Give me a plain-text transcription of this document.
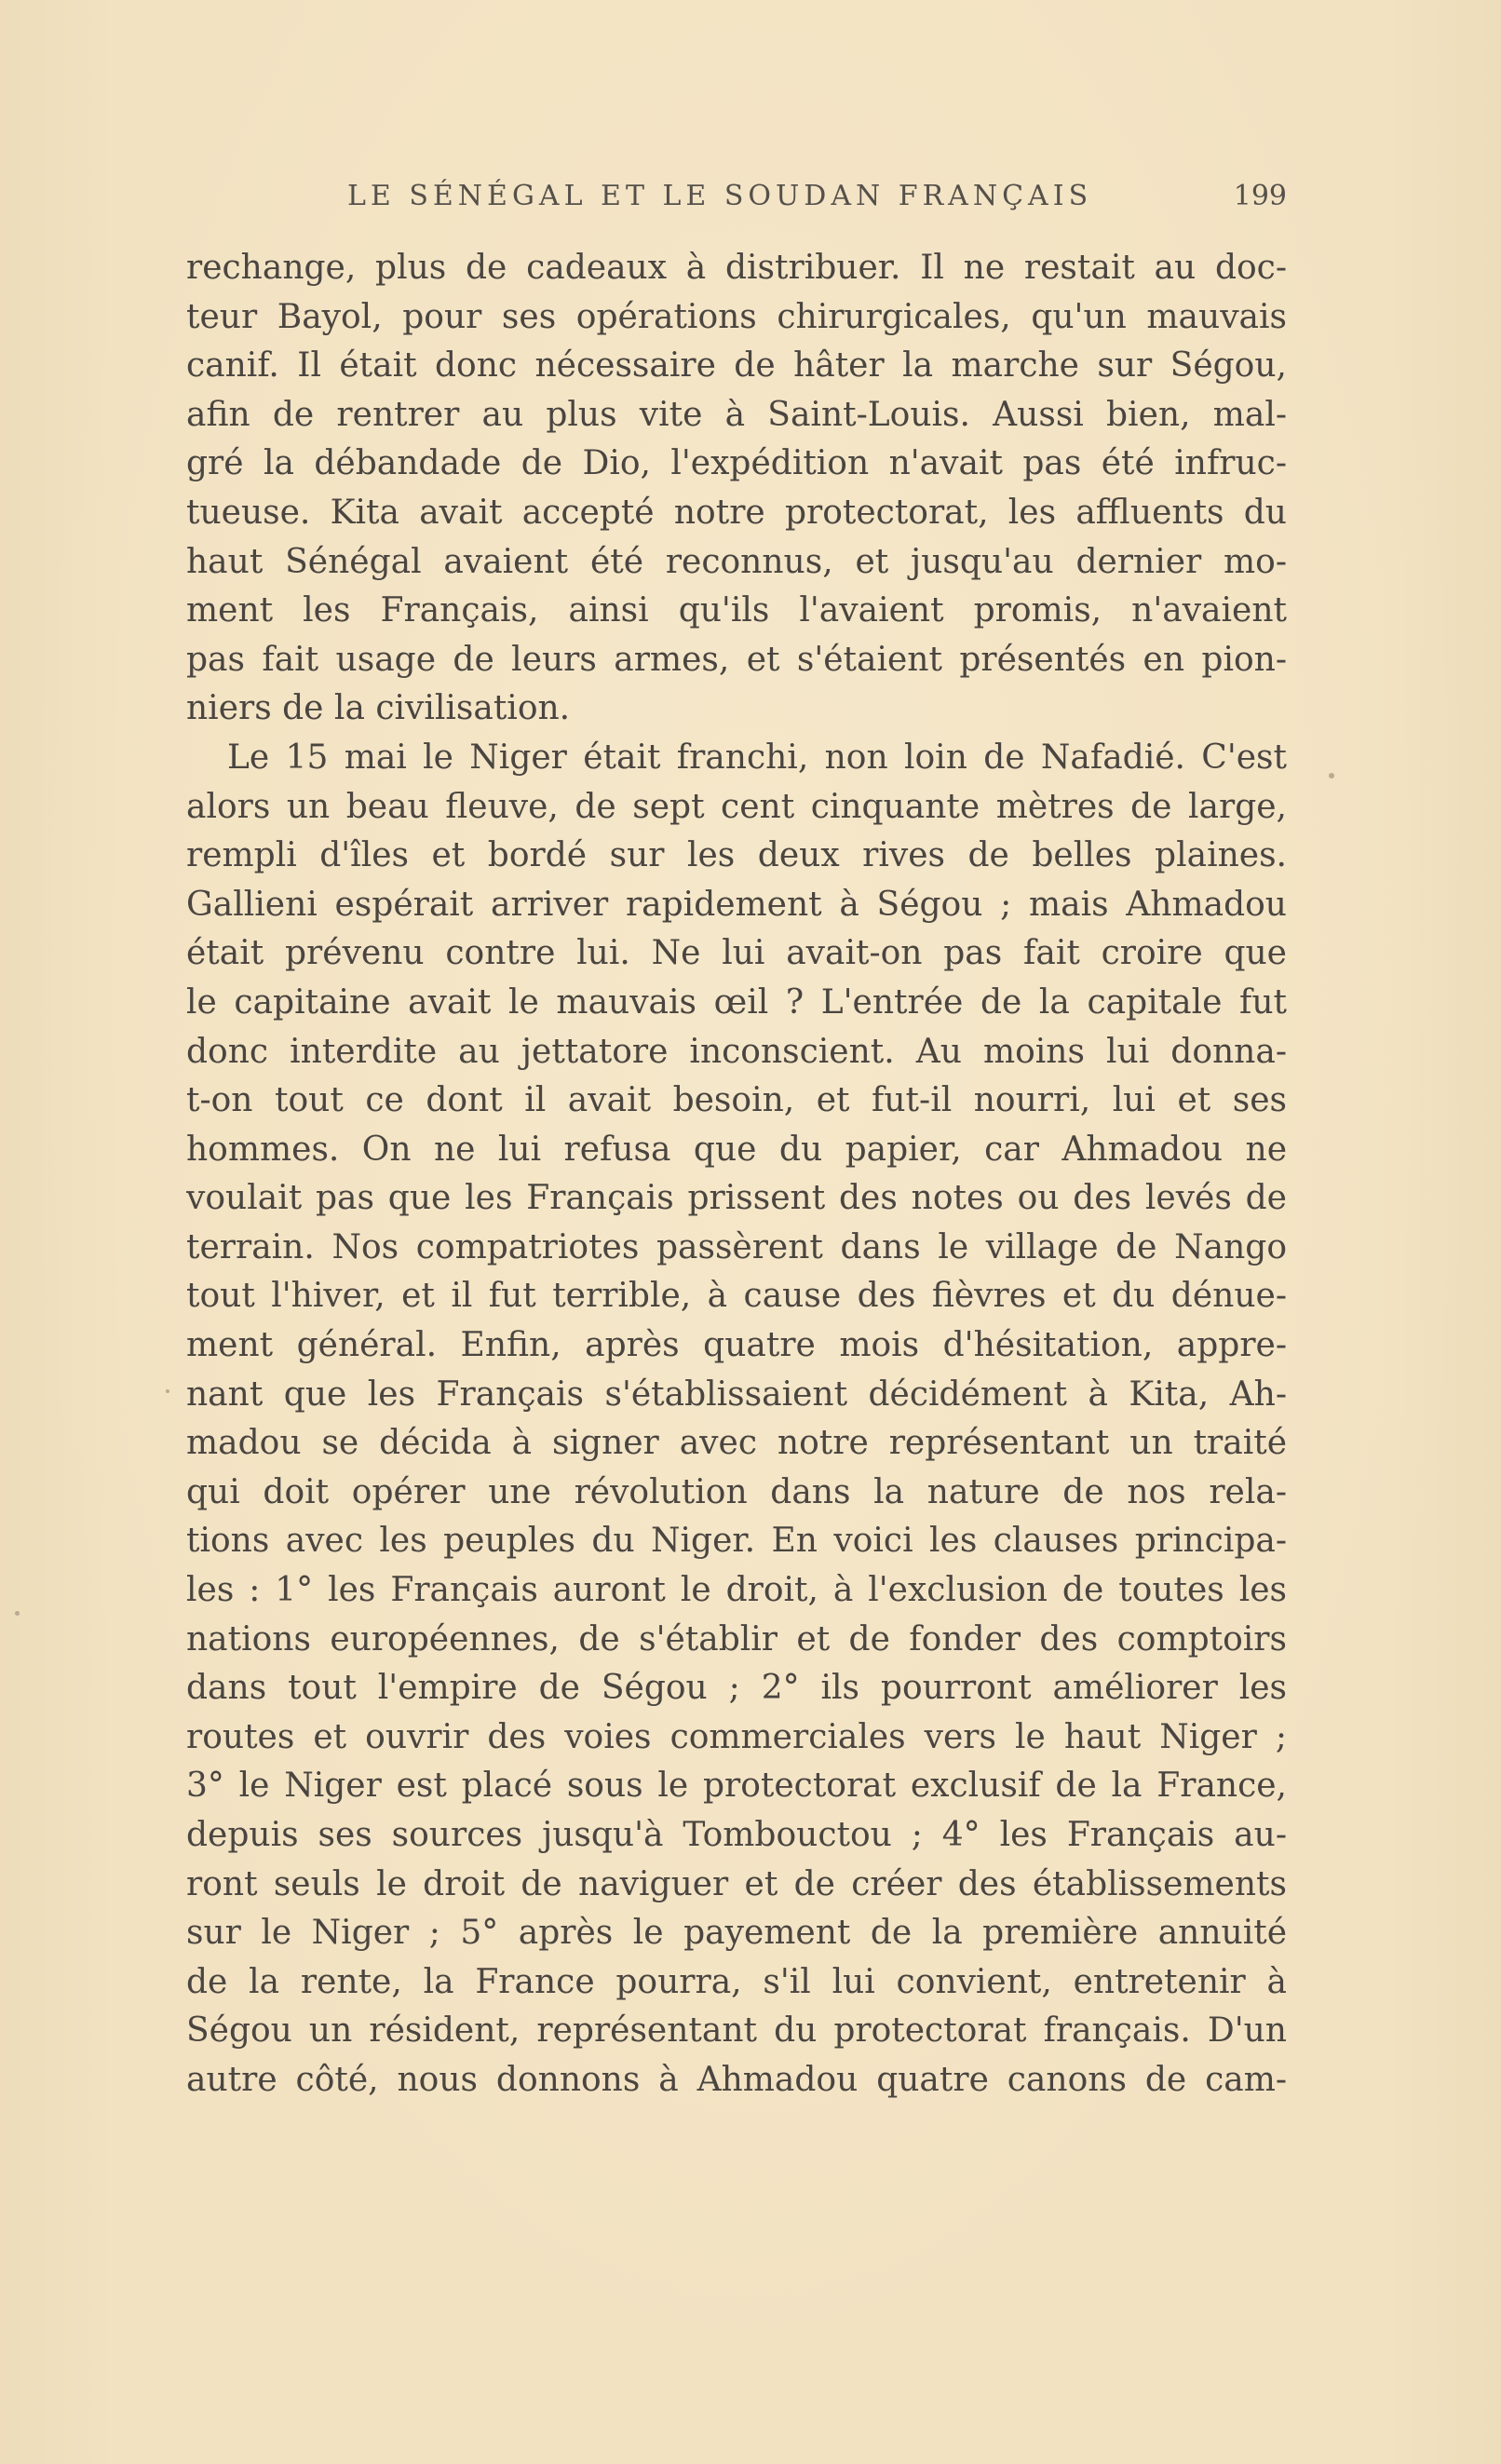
LE SÉNÉGAL ET LE SOUDAN FRANÇAIS	199
rechange, plus de cadeaux à distribuer. Il ne restait au doc-
teur Bayol, pour ses opérations chirurgicales, qu'un mauvais
canif. Il était donc nécessaire de hâter la marche sur Ségou,
afin de rentrer au plus vite à Saint-Louis. Aussi bien, mal-
gré la débandade de Dio, l'expédition n'avait pas été infruc-
tueuse. Kita avait accepté notre protectorat, les affluents du
haut Sénégal avaient été reconnus, et jusqu'au dernier mo-
ment les Français, ainsi qu'ils l'avaient promis, n'avaient
pas fait usage de leurs armes, et s'étaient présentés en pion-
niers de la civilisation.
Le 15 mai le Niger était franchi, non loin de Nafadié. C'est
alors un beau fleuve, de sept cent cinquante mètres de large,
rempli d'îles et bordé sur les deux rives de belles plaines.
Gallieni espérait arriver rapidement à Ségou ; mais Ahmadou
était prévenu contre lui. Ne lui avait-on pas fait croire que
le capitaine avait le mauvais œil ? L'entrée de la capitale fut
donc interdite au jettatore inconscient. Au moins lui donna-
t-on tout ce dont il avait besoin, et fut-il nourri, lui et ses
hommes. On ne lui refusa que du papier, car Ahmadou ne
voulait pas que les Français prissent des notes ou des levés de
terrain. Nos compatriotes passèrent dans le village de Nango
tout l'hiver, et il fut terrible, à cause des fièvres et du dénue-
ment général. Enfin, après quatre mois d'hésitation, appre-
nant que les Français s'établissaient décidément à Kita, Ah-
madou se décida à signer avec notre représentant un traité
qui doit opérer une révolution dans la nature de nos rela-
tions avec les peuples du Niger. En voici les clauses principa-
les : 1° les Français auront le droit, à l'exclusion de toutes les
nations européennes, de s'établir et de fonder des comptoirs
dans tout l'empire de Ségou ; 2° ils pourront améliorer les
routes et ouvrir des voies commerciales vers le haut Niger ;
3° le Niger est placé sous le protectorat exclusif de la France,
depuis ses sources jusqu'à Tombouctou ; 4° les Français au-
ront seuls le droit de naviguer et de créer des établissements
sur le Niger ; 5° après le payement de la première annuité
de la rente, la France pourra, s'il lui convient, entretenir à
Ségou un résident, représentant du protectorat français. D'un
autre côté, nous donnons à Ahmadou quatre canons de cam-
